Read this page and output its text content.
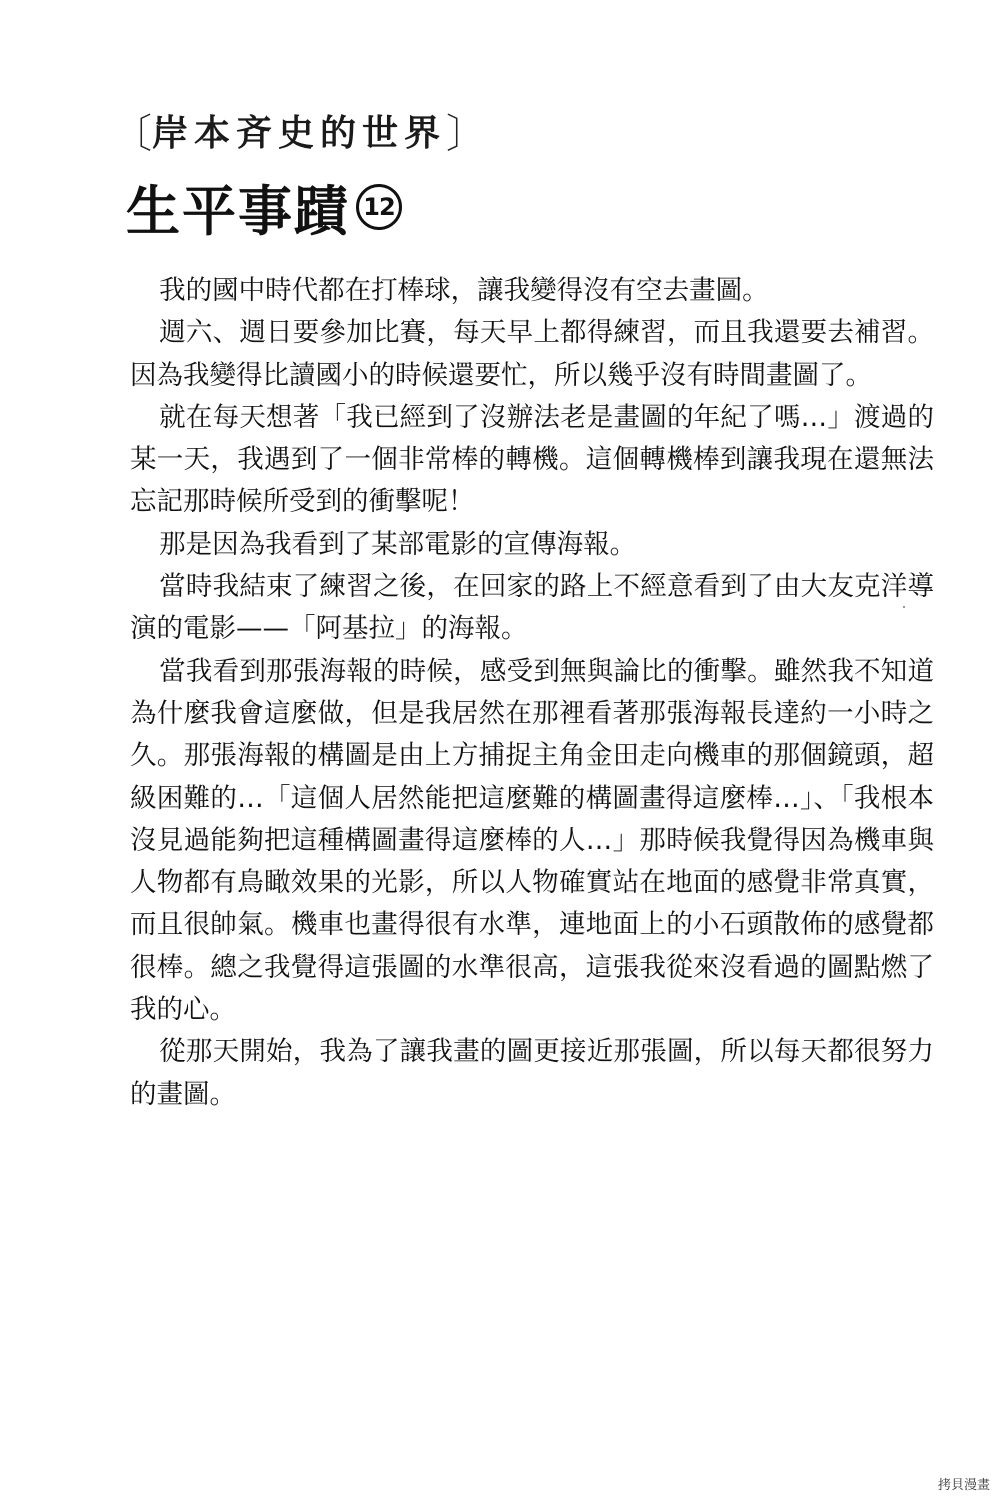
〔 岸本斉史的世界 〕
生平事蹟 12

我的國中時代都在打棒球，讓我變得沒有空去畫圖。

週六、週日要參加比賽，每天早上都得練習，而且我還要去補習。因為我變得比讀國小的時候還要忙，所以幾乎沒有時間畫圖了。

就在每天想著「我已經到了沒辦法老是畫圖的年紀了嗎…」渡過的某一天，我遇到了一個非常棒的轉機。這個轉機棒到讓我現在還無法忘記那時候所受到的衝擊呢！

那是因為我看到了某部電影的宣傳海報。

當時我結束了練習之後，在回家的路上不經意看到了由大友克洋導演的電影——「阿基拉」的海報。

當我看到那張海報的時候，感受到無與論比的衝擊。雖然我不知道為什麼我會這麼做，但是我居然在那裡看著那張海報長達約一小時之久。那張海報的構圖是由上方捕捉主角金田走向機車的那個鏡頭，超級困難的…「這個人居然能把這麼難的構圖畫得這麼棒…」、「我根本沒見過能夠把這種構圖畫得這麼棒的人…」那時候我覺得因為機車與人物都有鳥瞰效果的光影，所以人物確實站在地面的感覺非常真實，而且很帥氣。機車也畫得很有水準，連地面上的小石頭散佈的感覺都很棒。總之我覺得這張圖的水準很高，這張我從來沒看過的圖點燃了我的心。

從那天開始，我為了讓我畫的圖更接近那張圖，所以每天都很努力的畫圖。

拷貝漫畫
